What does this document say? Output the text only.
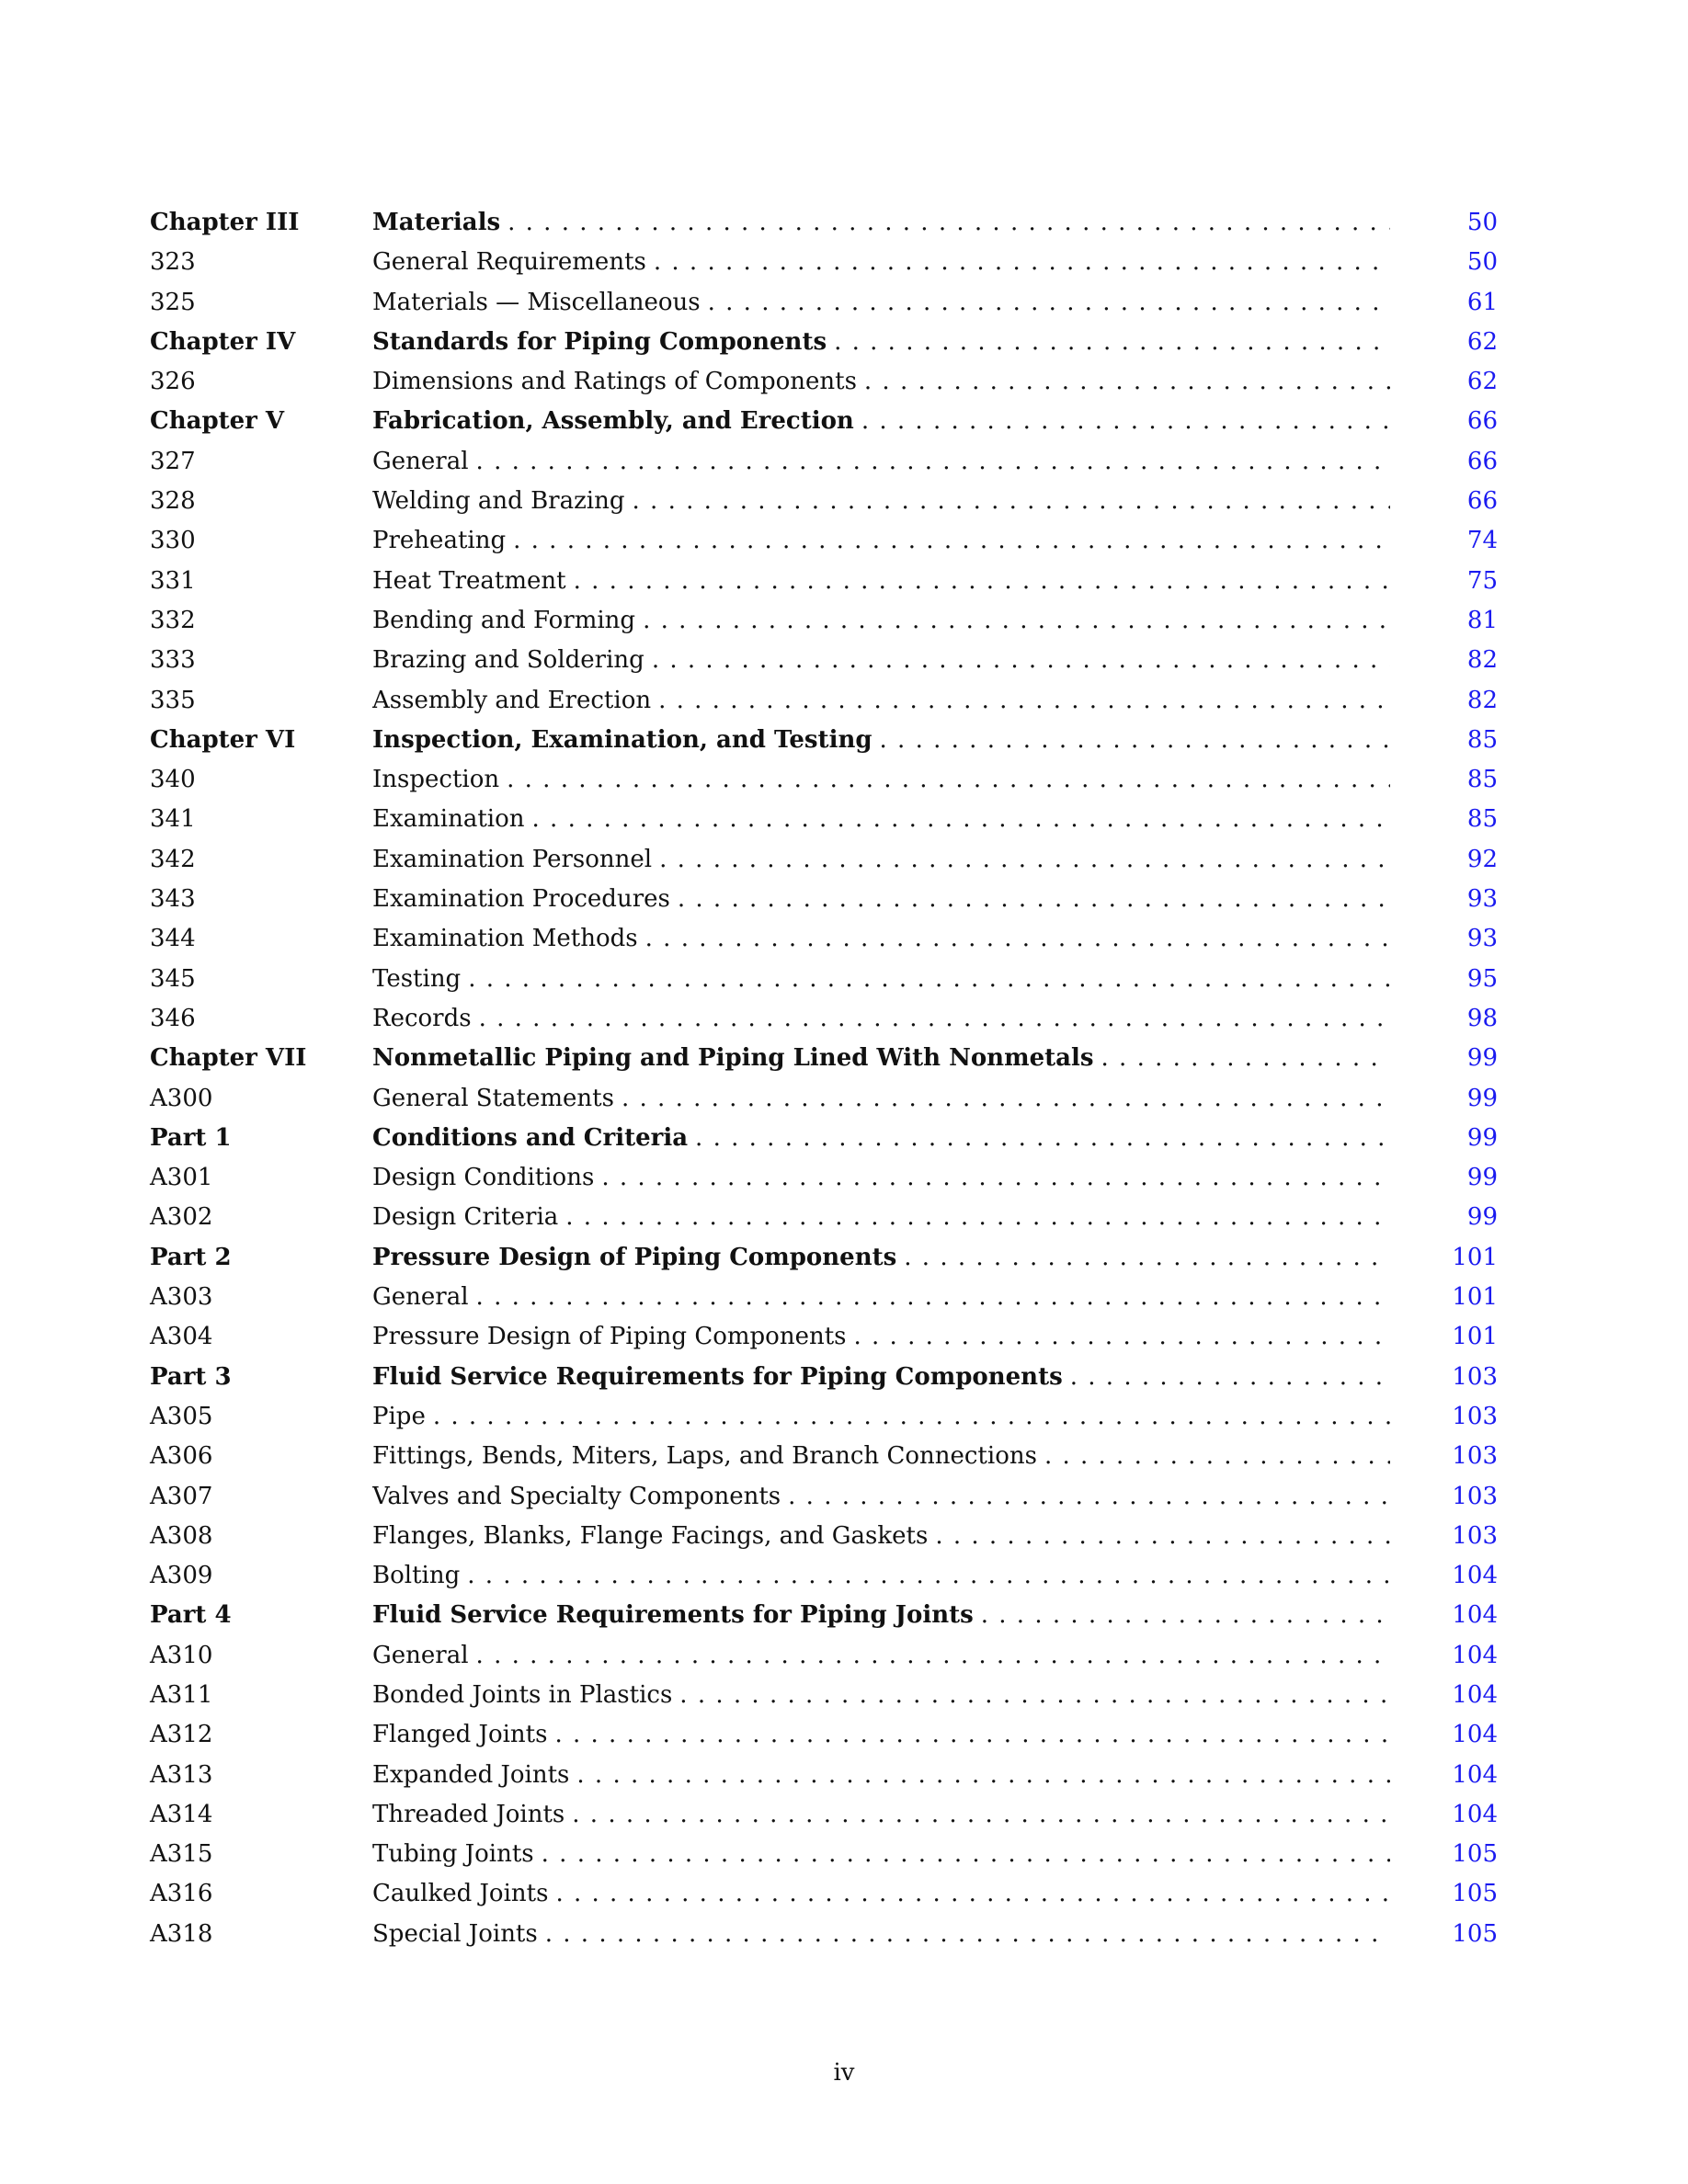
Chapter III	Materials . . .	50
323	General Requirements . . .	50
325	Materials — Miscellaneous . . .	61
Chapter IV	Standards for Piping Components . . .	62
326	Dimensions and Ratings of Components . . .	62
Chapter V	Fabrication, Assembly, and Erection . . .	66
327	General . . .	66
328	Welding and Brazing . . .	66
330	Preheating . . .	74
331	Heat Treatment . . .	75
332	Bending and Forming . . .	81
333	Brazing and Soldering . . .	82
335	Assembly and Erection . . .	82
Chapter VI	Inspection, Examination, and Testing . . .	85
340	Inspection . . .	85
341	Examination . . .	85
342	Examination Personnel . . .	92
343	Examination Procedures . . .	93
344	Examination Methods . . .	93
345	Testing . . .	95
346	Records . . .	98
Chapter VII	Nonmetallic Piping and Piping Lined With Nonmetals . . .	99
A300	General Statements . . .	99
Part 1	Conditions and Criteria . . .	99
A301	Design Conditions . . .	99
A302	Design Criteria . . .	99
Part 2	Pressure Design of Piping Components . . .	101
A303	General . . .	101
A304	Pressure Design of Piping Components . . .	101
Part 3	Fluid Service Requirements for Piping Components . . .	103
A305	Pipe . . .	103
A306	Fittings, Bends, Miters, Laps, and Branch Connections . . .	103
A307	Valves and Specialty Components . . .	103
A308	Flanges, Blanks, Flange Facings, and Gaskets . . .	103
A309	Bolting . . .	104
Part 4	Fluid Service Requirements for Piping Joints . . .	104
A310	General . . .	104
A311	Bonded Joints in Plastics . . .	104
A312	Flanged Joints . . .	104
A313	Expanded Joints . . .	104
A314	Threaded Joints . . .	104
A315	Tubing Joints . . .	105
A316	Caulked Joints . . .	105
A318	Special Joints . . .	105
iv
